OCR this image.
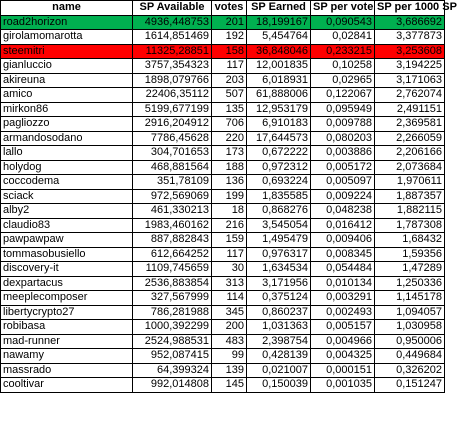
name	SP Available	votes	SP Earned	SP per vote	SP per 1000 SP
road2horizon	4936,448753	201	18,199167	0,090543	3,686692
girolamomarotta	1614,851469	192	5,454764	0,02841	3,377873
steemitri	11325,28851	158	36,848046	0,233215	3,253608
gianluccio	3757,354323	117	12,001835	0,10258	3,194225
akireuna	1898,079766	203	6,018931	0,02965	3,171063
amico	22406,35112	507	61,888006	0,122067	2,762074
mirkon86	5199,677199	135	12,953179	0,095949	2,491151
pagliozzo	2916,204912	706	6,910183	0,009788	2,369581
armandosodano	7786,45628	220	17,644573	0,080203	2,266059
lallo	304,701653	173	0,672222	0,003886	2,206166
holydog	468,881564	188	0,972312	0,005172	2,073684
coccodema	351,78109	136	0,693224	0,005097	1,970611
sciack	972,569069	199	1,835585	0,009224	1,887357
alby2	461,330213	18	0,868276	0,048238	1,882115
claudio83	1983,460162	216	3,545054	0,016412	1,787308
pawpawpaw	887,882843	159	1,495479	0,009406	1,68432
tommasobusiello	612,664252	117	0,976317	0,008345	1,59356
discovery-it	1109,745659	30	1,634534	0,054484	1,47289
dexpartacus	2536,883854	313	3,171956	0,010134	1,250336
meeplecomposer	327,567999	114	0,375124	0,003291	1,145178
libertycrypto27	786,281988	345	0,860237	0,002493	1,094057
robibasa	1000,392299	200	1,031363	0,005157	1,030958
mad-runner	2524,988531	483	2,398754	0,004966	0,950006
nawamy	952,087415	99	0,428139	0,004325	0,449684
massrado	64,399324	139	0,021007	0,000151	0,326202
cooltivar	992,014808	145	0,150039	0,001035	0,151247
